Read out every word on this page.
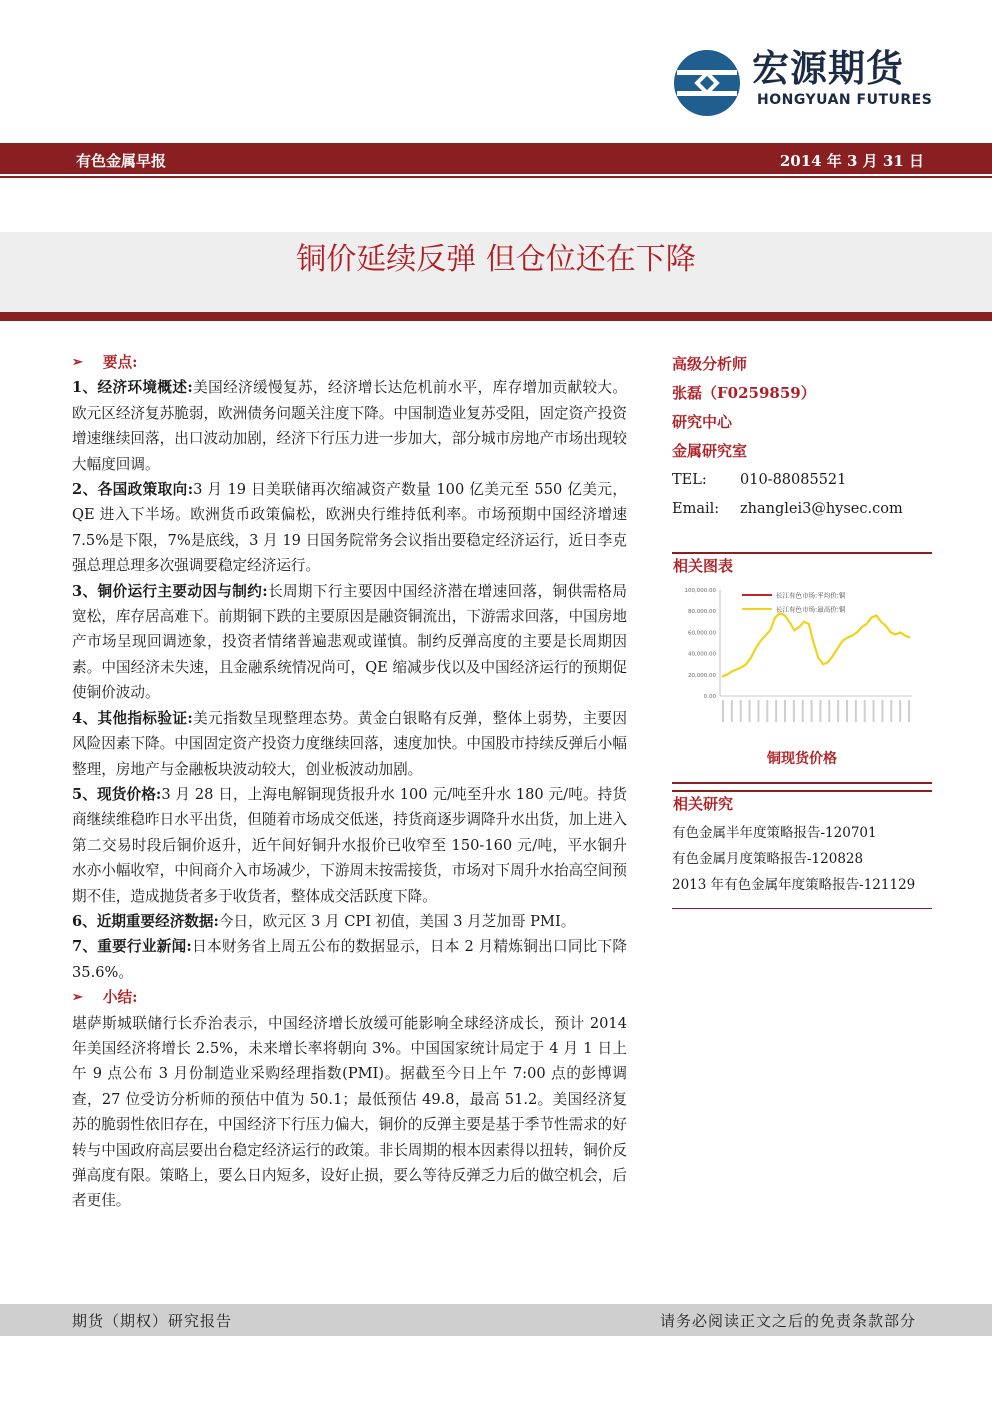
宏源期货
HONGYUAN FUTURES
有色金属早报	2014 年 3 月 31 日
铜价延续反弹 但仓位还在下降
➢ 要点:
1、经济环境概述:美国经济缓慢复苏，经济增长达危机前水平，库存增加贡献较大。欧元区经济复苏脆弱，欧洲债务问题关注度下降。中国制造业复苏受阻，固定资产投资增速继续回落，出口波动加剧，经济下行压力进一步加大，部分城市房地产市场出现较大幅度回调。
2、各国政策取向:3 月 19 日美联储再次缩减资产数量 100 亿美元至 550 亿美元，QE 进入下半场。欧洲货币政策偏松，欧洲央行维持低利率。市场预期中国经济增速 7.5%是下限，7%是底线，3 月 19 日国务院常务会议指出要稳定经济运行，近日李克强总理总理多次强调要稳定经济运行。
3、铜价运行主要动因与制约:长周期下行主要因中国经济潜在增速回落，铜供需格局宽松，库存居高难下。前期铜下跌的主要原因是融资铜流出，下游需求回落，中国房地产市场呈现回调迹象，投资者情绪普遍悲观或谨慎。制约反弹高度的主要是长周期因素。中国经济未失速，且金融系统情况尚可，QE 缩减步伐以及中国经济运行的预期促使铜价波动。
4、其他指标验证:美元指数呈现整理态势。黄金白银略有反弹，整体上弱势，主要因风险因素下降。中国固定资产投资力度继续回落，速度加快。中国股市持续反弹后小幅整理，房地产与金融板块波动较大，创业板波动加剧。
5、现货价格:3 月 28 日，上海电解铜现货报升水 100 元/吨至升水 180 元/吨。持货商继续维稳昨日水平出货，但随着市场成交低迷，持货商逐步调降升水出货，加上进入第二交易时段后铜价返升，近午间好铜升水报价已收窄至 150-160 元/吨，平水铜升水亦小幅收窄，中间商介入市场减少，下游周末按需接货，市场对下周升水抬高空间预期不佳，造成抛货者多于收货者，整体成交活跃度下降。
6、近期重要经济数据:今日，欧元区 3 月 CPI 初值，美国 3 月芝加哥 PMI。
7、重要行业新闻:日本财务省上周五公布的数据显示，日本 2 月精炼铜出口同比下降 35.6%。
➢ 小结:
堪萨斯城联储行长乔治表示，中国经济增长放缓可能影响全球经济成长，预计 2014 年美国经济将增长 2.5%，未来增长率将朝向 3%。中国国家统计局定于 4 月 1 日上午 9 点公布 3 月份制造业采购经理指数(PMI)。据截至今日上午 7:00 点的彭博调查，27 位受访分析师的预估中值为 50.1；最低预估 49.8，最高 51.2。美国经济复苏的脆弱性依旧存在，中国经济下行压力偏大，铜价的反弹主要是基于季节性需求的好转与中国政府高层要出台稳定经济运行的政策。非长周期的根本因素得以扭转，铜价反弹高度有限。策略上，要么日内短多，设好止损，要么等待反弹乏力后的做空机会，后者更佳。
高级分析师
张磊（F0259859）
研究中心
金属研究室
TEL:	010-88085521
Email:	zhanglei3@hysec.com
相关图表
100,000.00
80,000.00
60,000.00
40,000.00
20,000.00
0.00
长江有色市场:平均价:铜
长江有色市场:最高价:铜
铜现货价格
相关研究
有色金属半年度策略报告-120701
有色金属月度策略报告-120828
2013 年有色金属年度策略报告-121129
期货（期权）研究报告	请务必阅读正文之后的免责条款部分
